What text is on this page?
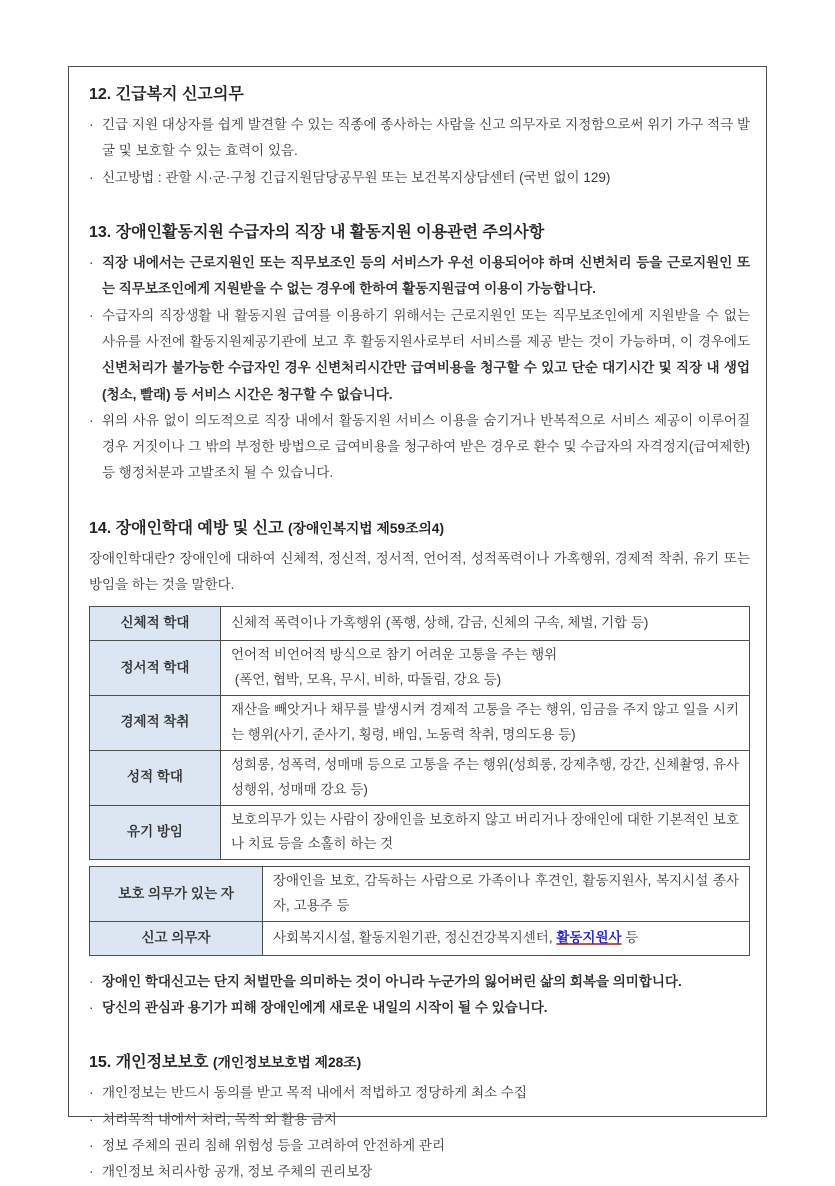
12. 긴급복지 신고의무
· 긴급 지원 대상자를 쉽게 발견할 수 있는 직종에 종사하는 사람을 신고 의무자로 지정함으로써 위기 가구 적극 발굴 및 보호할 수 있는 효력이 있음.
· 신고방법 : 관할 시·군·구청 긴급지원담당공무원 또는 보건복지상담센터 (국번 없이 129)
13. 장애인활동지원 수급자의 직장 내 활동지원 이용관련 주의사항
· 직장 내에서는 근로지원인 또는 직무보조인 등의 서비스가 우선 이용되어야 하며 신변처리 등을 근로지원인 또는 직무보조인에게 지원받을 수 없는 경우에 한하여 활동지원급여 이용이 가능합니다.
· 수급자의 직장생활 내 활동지원 급여를 이용하기 위해서는 근로지원인 또는 직무보조인에게 지원받을 수 없는 사유를 사전에 활동지원제공기관에 보고 후 활동지원사로부터 서비스를 제공 받는 것이 가능하며, 이 경우에도 신변처리가 불가능한 수급자인 경우 신변처리시간만 급여비용을 청구할 수 있고 단순 대기시간 및 직장 내 생업(청소, 빨래) 등 서비스 시간은 청구할 수 없습니다.
· 위의 사유 없이 의도적으로 직장 내에서 활동지원 서비스 이용을 숨기거나 반복적으로 서비스 제공이 이루어질 경우 거짓이나 그 밖의 부정한 방법으로 급여비용을 청구하여 받은 경우로 환수 및 수급자의 자격정지(급여제한) 등 행정처분과 고발조치 될 수 있습니다.
14. 장애인학대 예방 및 신고 (장애인복지법 제59조의4)

장애인학대란? 장애인에 대하여 신체적, 정신적, 정서적, 언어적, 성적폭력이나 가혹행위, 경제적 착취, 유기 또는 방임을 하는 것을 말한다.

신체적 학대	신체적 폭력이나 가혹행위 (폭행, 상해, 감금, 신체의 구속, 체벌, 기합 등)
정서적 학대	언어적 비언어적 방식으로 참기 어려운 고통을 주는 행위
(폭언, 협박, 모욕, 무시, 비하, 따돌림, 강요 등)

경제적 착취	재산을 빼앗거나 채무를 발생시켜 경제적 고통을 주는 행위, 임금을 주지 않고 일을 시키는 행위(사기, 준사기, 횡령, 배임, 노동력 착취, 명의도용 등)
성적 학대	성희롱, 성폭력, 성매매 등으로 고통을 주는 행위(성희롱, 강제추행, 강간, 신체촬영, 유사성행위, 성매매 강요 등)
유기 방임	보호의무가 있는 사람이 장애인을 보호하지 않고 버리거나 장애인에 대한 기본적인 보호나 치료 등을 소홀히 하는 것
보호 의무가 있는 자	장애인을 보호, 감독하는 사람으로 가족이나 후견인, 활동지원사, 복지시설 종사자, 고용주 등
신고 의무자	사회복지시설, 활동지원기관, 정신건강복지센터, 활동지원사 등
· 장애인 학대신고는 단지 처벌만을 의미하는 것이 아니라 누군가의 잃어버린 삶의 회복을 의미합니다.
· 당신의 관심과 용기가 피해 장애인에게 새로운 내일의 시작이 될 수 있습니다.
15. 개인정보보호 (개인정보보호법 제28조)
· 개인정보는 반드시 동의를 받고 목적 내에서 적법하고 정당하게 최소 수집
· 처리목적 내에서 처리, 목적 외 활용 금지
· 정보 주체의 권리 침해 위험성 등을 고려하여 안전하게 관리
· 개인정보 처리사항 공개, 정보 주체의 권리보장
